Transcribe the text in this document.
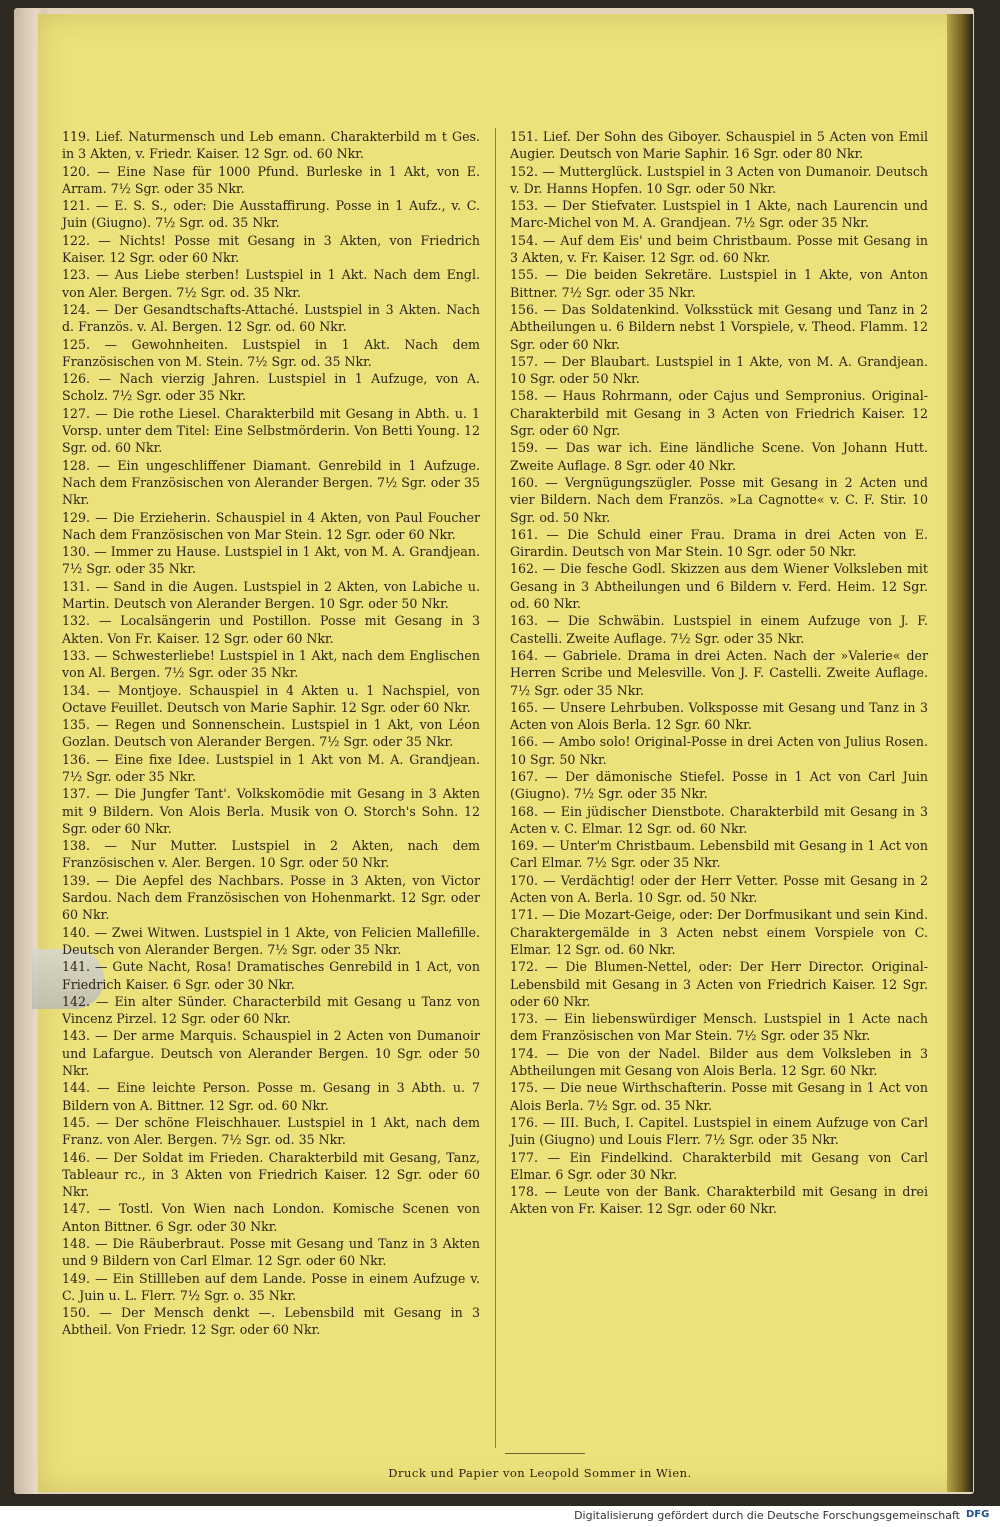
119. Lief. Naturmensch und Leb emann. Charakterbild m t Ges. in 3 Akten, v. Friedr. Kaiser. 12 Sgr. od. 60 Nkr.
120. — Eine Nase für 1000 Pfund. Burleske in 1 Akt, von E. Arram. 7½ Sgr. oder 35 Nkr.
121. — E. S. S., oder: Die Ausstaffirung. Posse in 1 Aufz., v. C. Juin (Giugno). 7½ Sgr. od. 35 Nkr.
122. — Nichts! Posse mit Gesang in 3 Akten, von Friedrich Kaiser. 12 Sgr. oder 60 Nkr.
123. — Aus Liebe sterben! Lustspiel in 1 Akt. Nach dem Engl. von Aler. Bergen. 7½ Sgr. od. 35 Nkr.
124. — Der Gesandtschafts-Attaché. Lustspiel in 3 Akten. Nach d. Französ. v. Al. Bergen. 12 Sgr. od. 60 Nkr.
125. — Gewohnheiten. Lustspiel in 1 Akt. Nach dem Französischen von M. Stein. 7½ Sgr. od. 35 Nkr.
126. — Nach vierzig Jahren. Lustspiel in 1 Aufzuge, von A. Scholz. 7½ Sgr. oder 35 Nkr.
127. — Die rothe Liesel. Charakterbild mit Gesang in Abth. u. 1 Vorsp. unter dem Titel: Eine Selbstmörderin. Von Betti Young. 12 Sgr. od. 60 Nkr.
128. — Ein ungeschliffener Diamant. Genrebild in 1 Aufzuge. Nach dem Französischen von Alerander Bergen. 7½ Sgr. oder 35 Nkr.
129. — Die Erzieherin. Schauspiel in 4 Akten, von Paul Foucher Nach dem Französischen von Mar Stein. 12 Sgr. oder 60 Nkr.
130. — Immer zu Hause. Lustspiel in 1 Akt, von M. A. Grandjean. 7½ Sgr. oder 35 Nkr.
131. — Sand in die Augen. Lustspiel in 2 Akten, von Labiche u. Martin. Deutsch von Alerander Bergen. 10 Sgr. oder 50 Nkr.
132. — Localsängerin und Postillon. Posse mit Gesang in 3 Akten. Von Fr. Kaiser. 12 Sgr. oder 60 Nkr.
133. — Schwesterliebe! Lustspiel in 1 Akt, nach dem Englischen von Al. Bergen. 7½ Sgr. oder 35 Nkr.
134. — Montjoye. Schauspiel in 4 Akten u. 1 Nachspiel, von Octave Feuillet. Deutsch von Marie Saphir. 12 Sgr. oder 60 Nkr.
135. — Regen und Sonnenschein. Lustspiel in 1 Akt, von Léon Gozlan. Deutsch von Alerander Bergen. 7½ Sgr. oder 35 Nkr.
136. — Eine fixe Idee. Lustspiel in 1 Akt von M. A. Grandjean. 7½ Sgr. oder 35 Nkr.
137. — Die Jungfer Tant'. Volkskomödie mit Gesang in 3 Akten mit 9 Bildern. Von Alois Berla. Musik von O. Storch's Sohn. 12 Sgr. oder 60 Nkr.
138. — Nur Mutter. Lustspiel in 2 Akten, nach dem Französischen v. Aler. Bergen. 10 Sgr. oder 50 Nkr.
139. — Die Aepfel des Nachbars. Posse in 3 Akten, von Victor Sardou. Nach dem Französischen von Hohenmarkt. 12 Sgr. oder 60 Nkr.
140. — Zwei Witwen. Lustspiel in 1 Akte, von Felicien Mallefille. Deutsch von Alerander Bergen. 7½ Sgr. oder 35 Nkr.
141. — Gute Nacht, Rosa! Dramatisches Genrebild in 1 Act, von Friedrich Kaiser. 6 Sgr. oder 30 Nkr.
142. — Ein alter Sünder. Characterbild mit Gesang u Tanz von Vincenz Pirzel. 12 Sgr. oder 60 Nkr.
143. — Der arme Marquis. Schauspiel in 2 Acten von Dumanoir und Lafargue. Deutsch von Alerander Bergen. 10 Sgr. oder 50 Nkr.
144. — Eine leichte Person. Posse m. Gesang in 3 Abth. u. 7 Bildern von A. Bittner. 12 Sgr. od. 60 Nkr.
145. — Der schöne Fleischhauer. Lustspiel in 1 Akt, nach dem Franz. von Aler. Bergen. 7½ Sgr. od. 35 Nkr.
146. — Der Soldat im Frieden. Charakterbild mit Gesang, Tanz, Tableaur rc., in 3 Akten von Friedrich Kaiser. 12 Sgr. oder 60 Nkr.
147. — Tostl. Von Wien nach London. Komische Scenen von Anton Bittner. 6 Sgr. oder 30 Nkr.
148. — Die Räuberbraut. Posse mit Gesang und Tanz in 3 Akten und 9 Bildern von Carl Elmar. 12 Sgr. oder 60 Nkr.
149. — Ein Stillleben auf dem Lande. Posse in einem Aufzuge v. C. Juin u. L. Flerr. 7½ Sgr. o. 35 Nkr.
150. — Der Mensch denkt —. Lebensbild mit Gesang in 3 Abtheil. Von Friedr. 12 Sgr. oder 60 Nkr.
151. Lief. Der Sohn des Giboyer. Schauspiel in 5 Acten von Emil Augier. Deutsch von Marie Saphir. 16 Sgr. oder 80 Nkr.
152. — Mutterglück. Lustspiel in 3 Acten von Dumanoir. Deutsch v. Dr. Hanns Hopfen. 10 Sgr. oder 50 Nkr.
153. — Der Stiefvater. Lustspiel in 1 Akte, nach Laurencin und Marc-Michel von M. A. Grandjean. 7½ Sgr. oder 35 Nkr.
154. — Auf dem Eis' und beim Christbaum. Posse mit Gesang in 3 Akten, v. Fr. Kaiser. 12 Sgr. od. 60 Nkr.
155. — Die beiden Sekretäre. Lustspiel in 1 Akte, von Anton Bittner. 7½ Sgr. oder 35 Nkr.
156. — Das Soldatenkind. Volksstück mit Gesang und Tanz in 2 Abtheilungen u. 6 Bildern nebst 1 Vorspiele, v. Theod. Flamm. 12 Sgr. oder 60 Nkr.
157. — Der Blaubart. Lustspiel in 1 Akte, von M. A. Grandjean. 10 Sgr. oder 50 Nkr.
158. — Haus Rohrmann, oder Cajus und Sempronius. Original-Charakterbild mit Gesang in 3 Acten von Friedrich Kaiser. 12 Sgr. oder 60 Ngr.
159. — Das war ich. Eine ländliche Scene. Von Johann Hutt. Zweite Auflage. 8 Sgr. oder 40 Nkr.
160. — Vergnügungszügler. Posse mit Gesang in 2 Acten und vier Bildern. Nach dem Französ. »La Cagnotte« v. C. F. Stir. 10 Sgr. od. 50 Nkr.
161. — Die Schuld einer Frau. Drama in drei Acten von E. Girardin. Deutsch von Mar Stein. 10 Sgr. oder 50 Nkr.
162. — Die fesche Godl. Skizzen aus dem Wiener Volksleben mit Gesang in 3 Abtheilungen und 6 Bildern v. Ferd. Heim. 12 Sgr. od. 60 Nkr.
163. — Die Schwäbin. Lustspiel in einem Aufzuge von J. F. Castelli. Zweite Auflage. 7½ Sgr. oder 35 Nkr.
164. — Gabriele. Drama in drei Acten. Nach der »Valerie« der Herren Scribe und Melesville. Von J. F. Castelli. Zweite Auflage. 7½ Sgr. oder 35 Nkr.
165. — Unsere Lehrbuben. Volksposse mit Gesang und Tanz in 3 Acten von Alois Berla. 12 Sgr. 60 Nkr.
166. — Ambo solo! Original-Posse in drei Acten von Julius Rosen. 10 Sgr. 50 Nkr.
167. — Der dämonische Stiefel. Posse in 1 Act von Carl Juin (Giugno). 7½ Sgr. oder 35 Nkr.
168. — Ein jüdischer Dienstbote. Charakterbild mit Gesang in 3 Acten v. C. Elmar. 12 Sgr. od. 60 Nkr.
169. — Unter'm Christbaum. Lebensbild mit Gesang in 1 Act von Carl Elmar. 7½ Sgr. oder 35 Nkr.
170. — Verdächtig! oder der Herr Vetter. Posse mit Gesang in 2 Acten von A. Berla. 10 Sgr. od. 50 Nkr.
171. — Die Mozart-Geige, oder: Der Dorfmusikant und sein Kind. Charaktergemälde in 3 Acten nebst einem Vorspiele von C. Elmar. 12 Sgr. od. 60 Nkr.
172. — Die Blumen-Nettel, oder: Der Herr Director. Original-Lebensbild mit Gesang in 3 Acten von Friedrich Kaiser. 12 Sgr. oder 60 Nkr.
173. — Ein liebenswürdiger Mensch. Lustspiel in 1 Acte nach dem Französischen von Mar Stein. 7½ Sgr. oder 35 Nkr.
174. — Die von der Nadel. Bilder aus dem Volksleben in 3 Abtheilungen mit Gesang von Alois Berla. 12 Sgr. 60 Nkr.
175. — Die neue Wirthschafterin. Posse mit Gesang in 1 Act von Alois Berla. 7½ Sgr. od. 35 Nkr.
176. — III. Buch, I. Capitel. Lustspiel in einem Aufzuge von Carl Juin (Giugno) und Louis Flerr. 7½ Sgr. oder 35 Nkr.
177. — Ein Findelkind. Charakterbild mit Gesang von Carl Elmar. 6 Sgr. oder 30 Nkr.
178. — Leute von der Bank. Charakterbild mit Gesang in drei Akten von Fr. Kaiser. 12 Sgr. oder 60 Nkr.
Druck und Papier von Leopold Sommer in Wien.
Digitalisierung gefördert durch die Deutsche Forschungsgemeinschaft DFG
